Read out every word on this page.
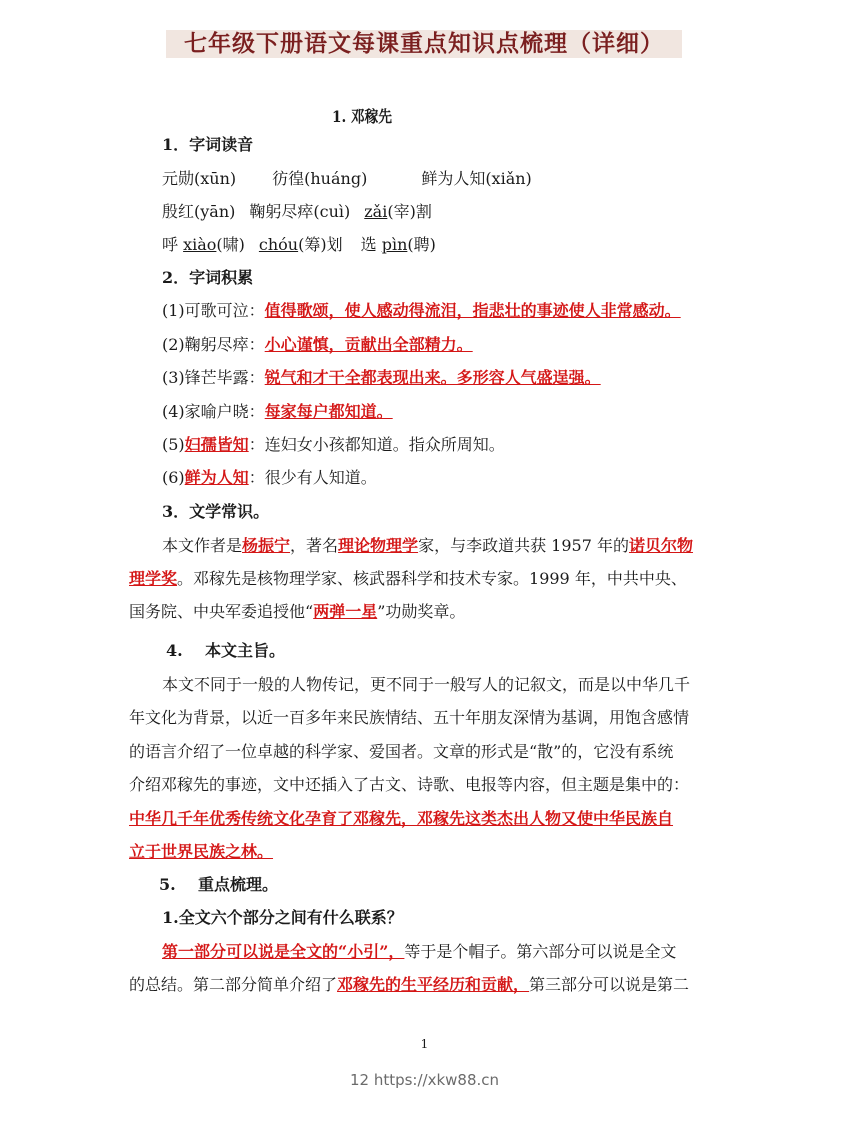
七年级下册语文每课重点知识点梳理（详细）
1. 邓稼先
1．字词读音
元勋(xūn) 彷徨(huáng)	鲜为人知(xiǎn)
殷红(yān) 鞠躬尽瘁(cuì) zǎi(宰)割
呼 xiào(啸) chóu(筹)划 选 pìn(聘)
2．字词积累
(1)可歌可泣：值得歌颂，使人感动得流泪，指悲壮的事迹使人非常感动。
(2)鞠躬尽瘁：小心谨慎，贡献出全部精力。
(3)锋芒毕露：锐气和才干全都表现出来。多形容人气盛逞强。
(4)家喻户晓：每家每户都知道。
(5)妇孺皆知：连妇女小孩都知道。指众所周知。
(6)鲜为人知：很少有人知道。
3．文学常识。
本文作者是杨振宁，著名理论物理学家，与李政道共获 1957 年的诺贝尔物
理学奖。邓稼先是核物理学家、核武器科学和技术专家。1999 年，中共中央、
国务院、中央军委追授他“两弹一星”功勋奖章。
4.    本文主旨。
本文不同于一般的人物传记，更不同于一般写人的记叙文，而是以中华几千
年文化为背景，以近一百多年来民族情结、五十年朋友深情为基调，用饱含感情
的语言介绍了一位卓越的科学家、爱国者。文章的形式是“散”的，它没有系统
介绍邓稼先的事迹，文中还插入了古文、诗歌、电报等内容，但主题是集中的：
中华几千年优秀传统文化孕育了邓稼先，邓稼先这类杰出人物又使中华民族自
立于世界民族之林。
5.    重点梳理。
1.全文六个部分之间有什么联系？
第一部分可以说是全文的“小引”，等于是个帽子。第六部分可以说是全文
的总结。第二部分简单介绍了邓稼先的生平经历和贡献，第三部分可以说是第二
1
12 https://xkw88.cn
